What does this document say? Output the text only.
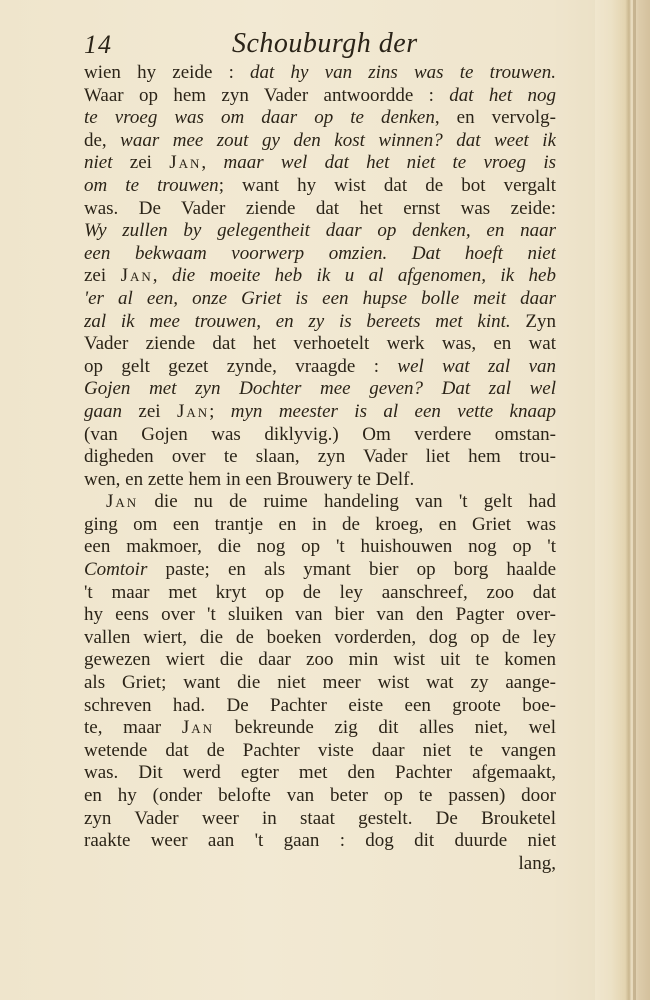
14	Schouburgh der
wien hy zeide : dat hy van zins was te trouwen.
Waar op hem zyn Vader antwoordde : dat het nog
te vroeg was om daar op te denken, en vervolg-
de, waar mee zout gy den kost winnen? dat weet ik
niet zei Jan, maar wel dat het niet te vroeg is
om te trouwen; want hy wist dat de bot vergalt
was. De Vader ziende dat het ernst was zeide:
Wy zullen by gelegentheit daar op denken, en naar
een bekwaam voorwerp omzien. Dat hoeft niet
zei Jan, die moeite heb ik u al afgenomen, ik heb
'er al een, onze Griet is een hupse bolle meit daar
zal ik mee trouwen, en zy is bereets met kint. Zyn
Vader ziende dat het verhoetelt werk was, en wat
op gelt gezet zynde, vraagde : wel wat zal van
Gojen met zyn Dochter mee geven? Dat zal wel
gaan zei Jan; myn meester is al een vette knaap
(van Gojen was diklyvig.) Om verdere omstan-
digheden over te slaan, zyn Vader liet hem trou-
wen, en zette hem in een Brouwery te Delf.
Jan die nu de ruime handeling van 't gelt had
ging om een trantje en in de kroeg, en Griet was
een makmoer, die nog op 't huishouwen nog op 't
Comtoir paste; en als ymant bier op borg haalde
't maar met kryt op de ley aanschreef, zoo dat
hy eens over 't sluiken van bier van den Pagter over-
vallen wiert, die de boeken vorderden, dog op de ley
gewezen wiert die daar zoo min wist uit te komen
als Griet; want die niet meer wist wat zy aange-
schreven had. De Pachter eiste een groote boe-
te, maar Jan bekreunde zig dit alles niet, wel
wetende dat de Pachter viste daar niet te vangen
was. Dit werd egter met den Pachter afgemaakt,
en hy (onder belofte van beter op te passen) door
zyn Vader weer in staat gestelt. De Brouketel
raakte weer aan 't gaan : dog dit duurde niet
lang,
